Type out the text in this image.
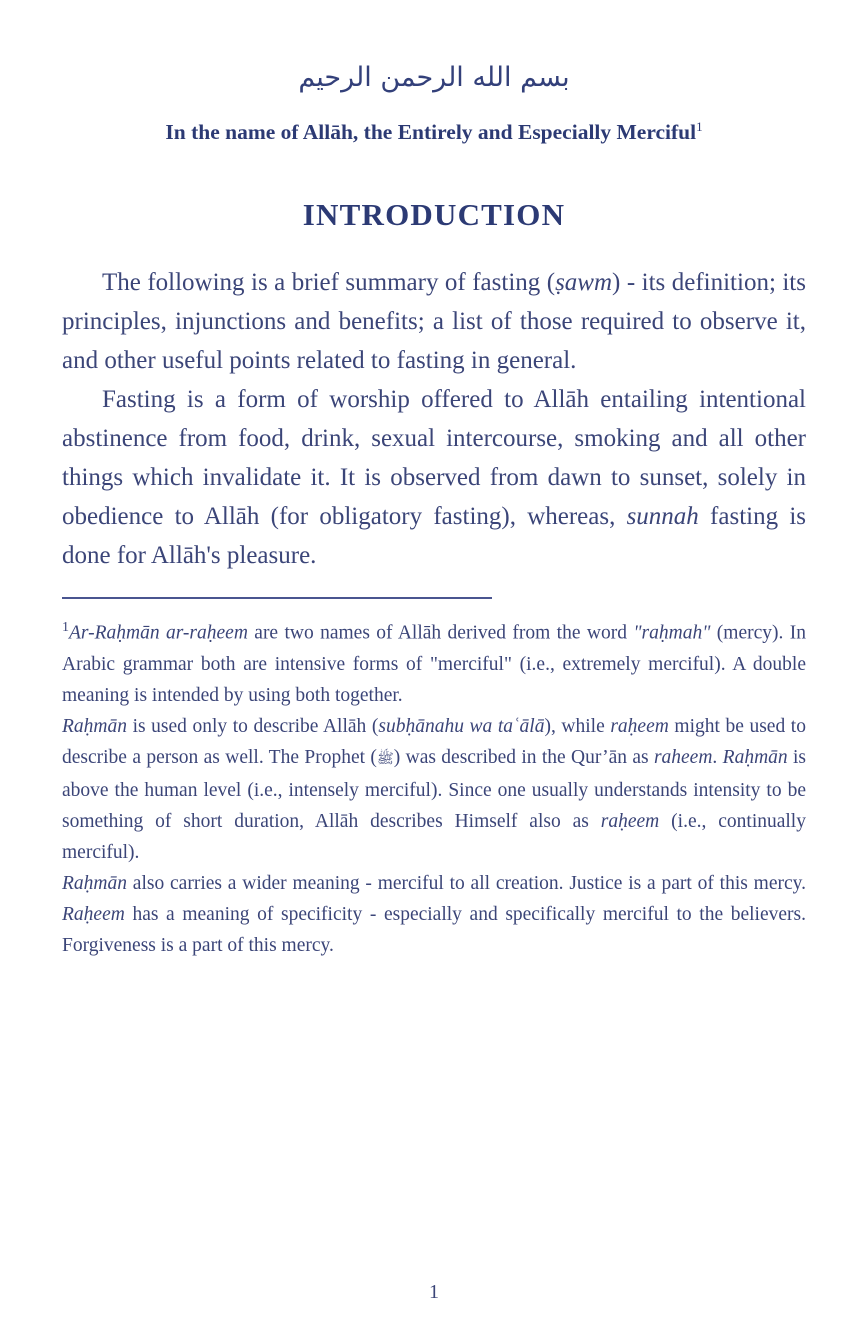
بسم الله الرحمن الرحيم
In the name of Allāh, the Entirely and Especially Merciful$^1$
INTRODUCTION

The following is a brief summary of fasting (ṣawm) - its definition; its principles, injunctions and benefits; a list of those required to observe it, and other useful points related to fasting in general.

Fasting is a form of worship offered to Allāh entailing intentional abstinence from food, drink, sexual intercourse, smoking and all other things which invalidate it. It is observed from dawn to sunset, solely in obedience to Allāh (for obligatory fasting), whereas, sunnah fasting is done for Allāh's pleasure.

$^1$Ar-Raḥmān ar-raḥeem are two names of Allāh derived from the word "raḥmah" (mercy). In Arabic grammar both are intensive forms of "merciful" (i.e., extremely merciful). A double meaning is intended by using both together.

Raḥmān is used only to describe Allāh (subḥānahu wa taʿālā), while raḥeem might be used to describe a person as well. The Prophet (ﷺ) was described in the Qur’ān as raheem. Raḥmān is above the human level (i.e., intensely merciful). Since one usually understands intensity to be something of short duration, Allāh describes Himself also as raḥeem (i.e., continually merciful).

Raḥmān also carries a wider meaning - merciful to all creation. Justice is a part of this mercy. Raḥeem has a meaning of specificity - especially and specifically merciful to the believers. Forgiveness is a part of this mercy.

1
